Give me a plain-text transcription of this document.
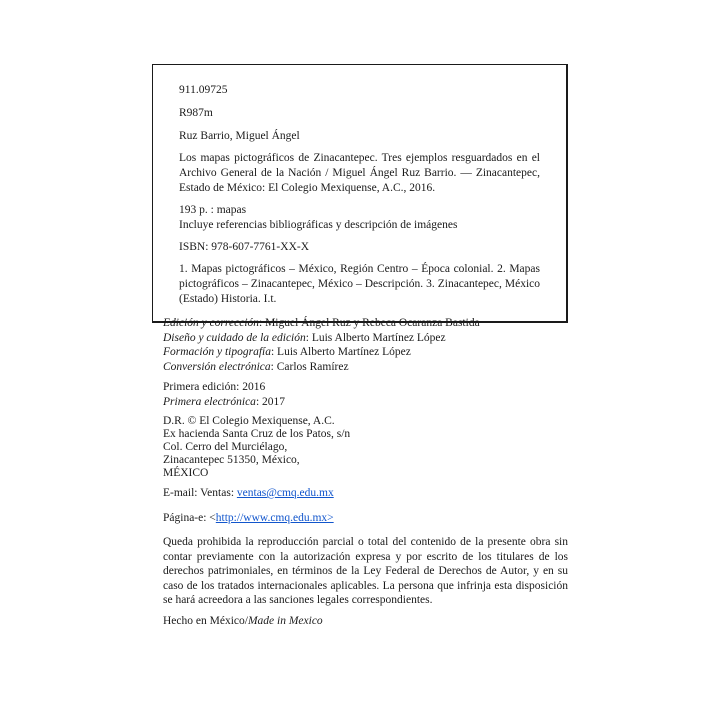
911.09725

R987m

Ruz Barrio, Miguel Ángel

Los mapas pictográficos de Zinacantepec. Tres ejemplos resguardados en el Archivo General de la Nación / Miguel Ángel Ruz Barrio. — Zinacantepec, Estado de México: El Colegio Mexiquense, A.C., 2016.

193 p. : mapas

Incluye referencias bibliográficas y descripción de imágenes

ISBN: 978-607-7761-XX-X

1. Mapas pictográficos – México, Región Centro – Época colonial. 2. Mapas pictográficos – Zinacantepec, México – Descripción. 3. Zinacantepec, México (Estado) Historia. I.t.

Edición y corrección: Miguel Ángel Ruz y Rebeca Ocaranza Bastida

Diseño y cuidado de la edición: Luis Alberto Martínez López

Formación y tipografía: Luis Alberto Martínez López

Conversión electrónica: Carlos Ramírez

Primera edición: 2016

Primera electrónica: 2017

D.R. © El Colegio Mexiquense, A.C.

Ex hacienda Santa Cruz de los Patos, s/n

Col. Cerro del Murciélago,

Zinacantepec 51350, México,

MÉXICO

E-mail: Ventas: ventas@cmq.edu.mx

Página-e: <http://www.cmq.edu.mx>

Queda prohibida la reproducción parcial o total del contenido de la presente obra sin contar previamente con la autorización expresa y por escrito de los titulares de los derechos patrimoniales, en términos de la Ley Federal de Derechos de Autor, y en su caso de los tratados internacionales aplicables. La persona que infrinja esta disposición se hará acreedora a las sanciones legales correspondientes.

Hecho en México/Made in Mexico
